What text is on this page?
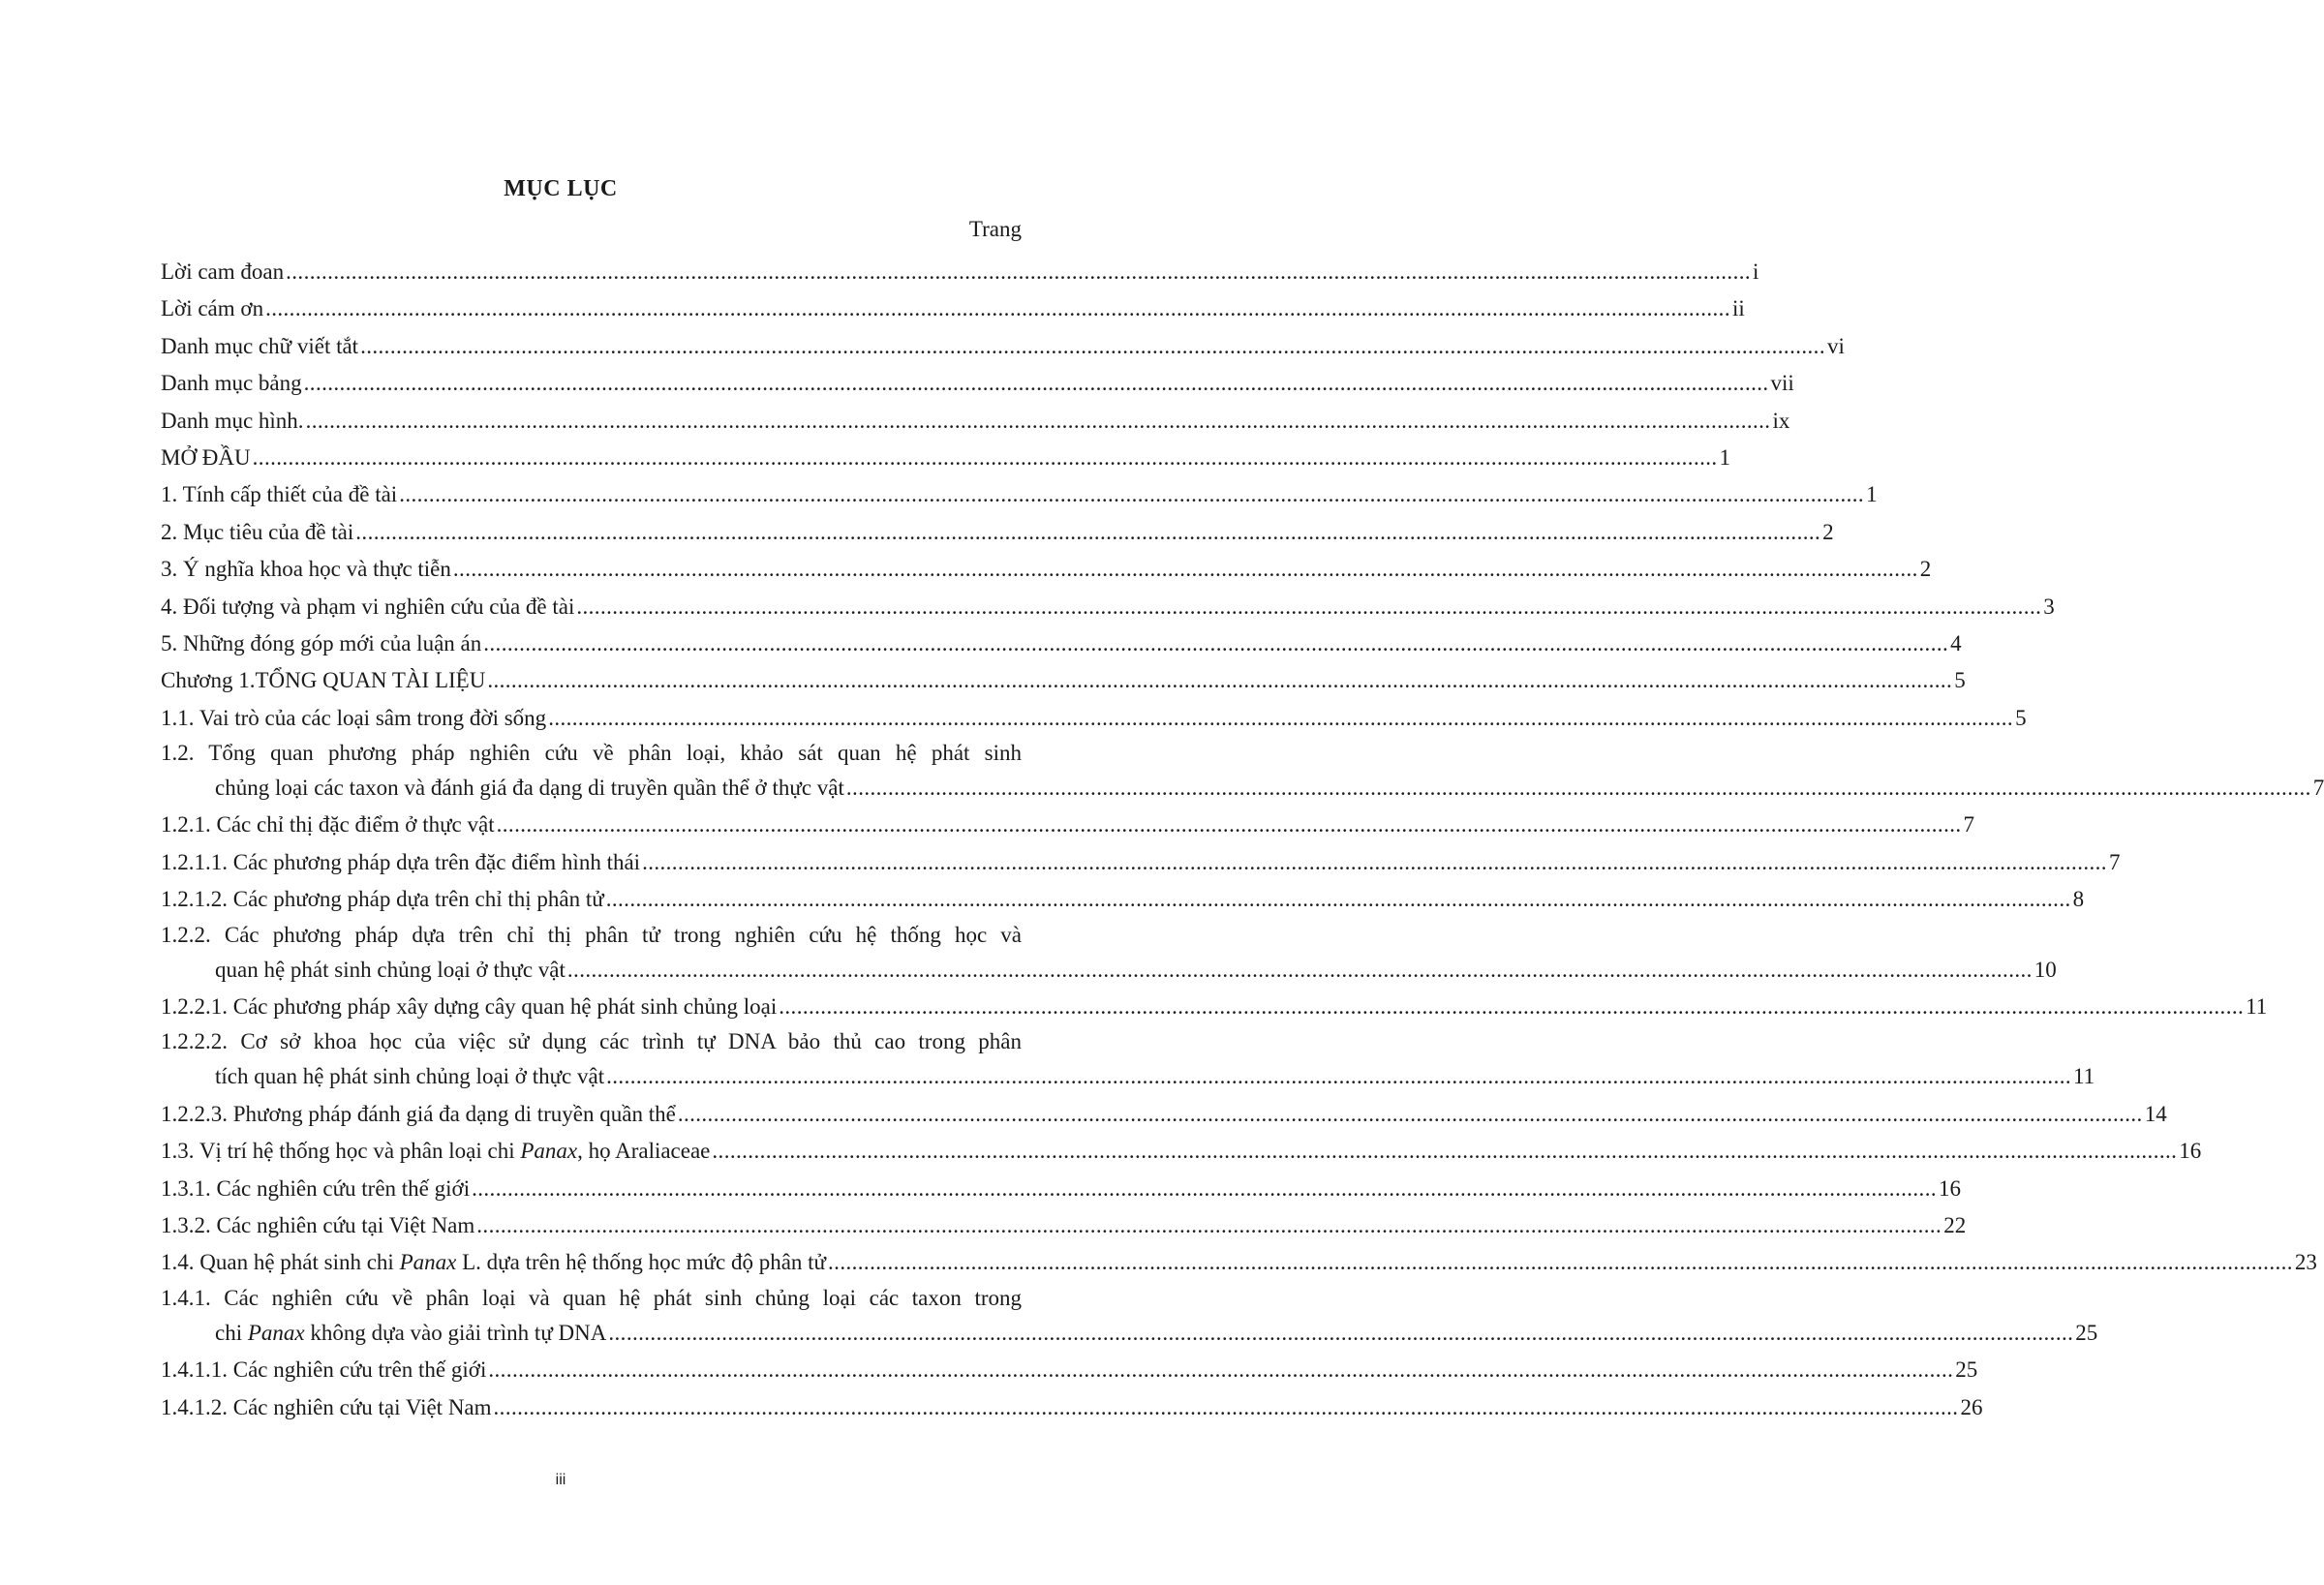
MỤC LỤC
Trang
Lời cam đoan .....	i
Lời cám ơn .....	ii
Danh mục chữ viết tắt .....	vi
Danh mục bảng .....	vii
Danh mục hình. .....	ix
MỞ ĐẦU .....	1
1. Tính cấp thiết của đề tài .....	1
2. Mục tiêu của đề tài .....	2
3. Ý nghĩa khoa học và thực tiễn .....	2
4. Đối tượng và phạm vi nghiên cứu của đề tài .....	3
5. Những đóng góp mới của luận án .....	4
Chương 1.TỔNG QUAN TÀI LIỆU .....	5
1.1. Vai trò của các loại sâm trong đời sống .....	5
1.2. Tổng quan phương pháp nghiên cứu về phân loại, khảo sát quan hệ phát sinh
chủng loại các taxon và đánh giá đa dạng di truyền quần thể ở thực vật .....	7
1.2.1. Các chỉ thị đặc điểm ở thực vật .....	7
1.2.1.1. Các phương pháp dựa trên đặc điểm hình thái .....	7
1.2.1.2. Các phương pháp dựa trên chỉ thị phân tử .....	8
1.2.2. Các phương pháp dựa trên chỉ thị phân tử trong nghiên cứu hệ thống học và
quan hệ phát sinh chủng loại ở thực vật .....	10
1.2.2.1. Các phương pháp xây dựng cây quan hệ phát sinh chủng loại .....	11
1.2.2.2. Cơ sở khoa học của việc sử dụng các trình tự DNA bảo thủ cao trong phân
tích quan hệ phát sinh chủng loại ở thực vật .....	11
1.2.2.3. Phương pháp đánh giá đa dạng di truyền quần thể .....	14
1.3. Vị trí hệ thống học và phân loại chi Panax, họ Araliaceae .....	16
1.3.1. Các nghiên cứu trên thế giới .....	16
1.3.2. Các nghiên cứu tại Việt Nam .....	22
1.4. Quan hệ phát sinh chi Panax L. dựa trên hệ thống học mức độ phân tử .....	23
1.4.1. Các nghiên cứu về phân loại và quan hệ phát sinh chủng loại các taxon trong
chi Panax không dựa vào giải trình tự DNA .....	25
1.4.1.1. Các nghiên cứu trên thế giới .....	25
1.4.1.2. Các nghiên cứu tại Việt Nam .....	26
iii
